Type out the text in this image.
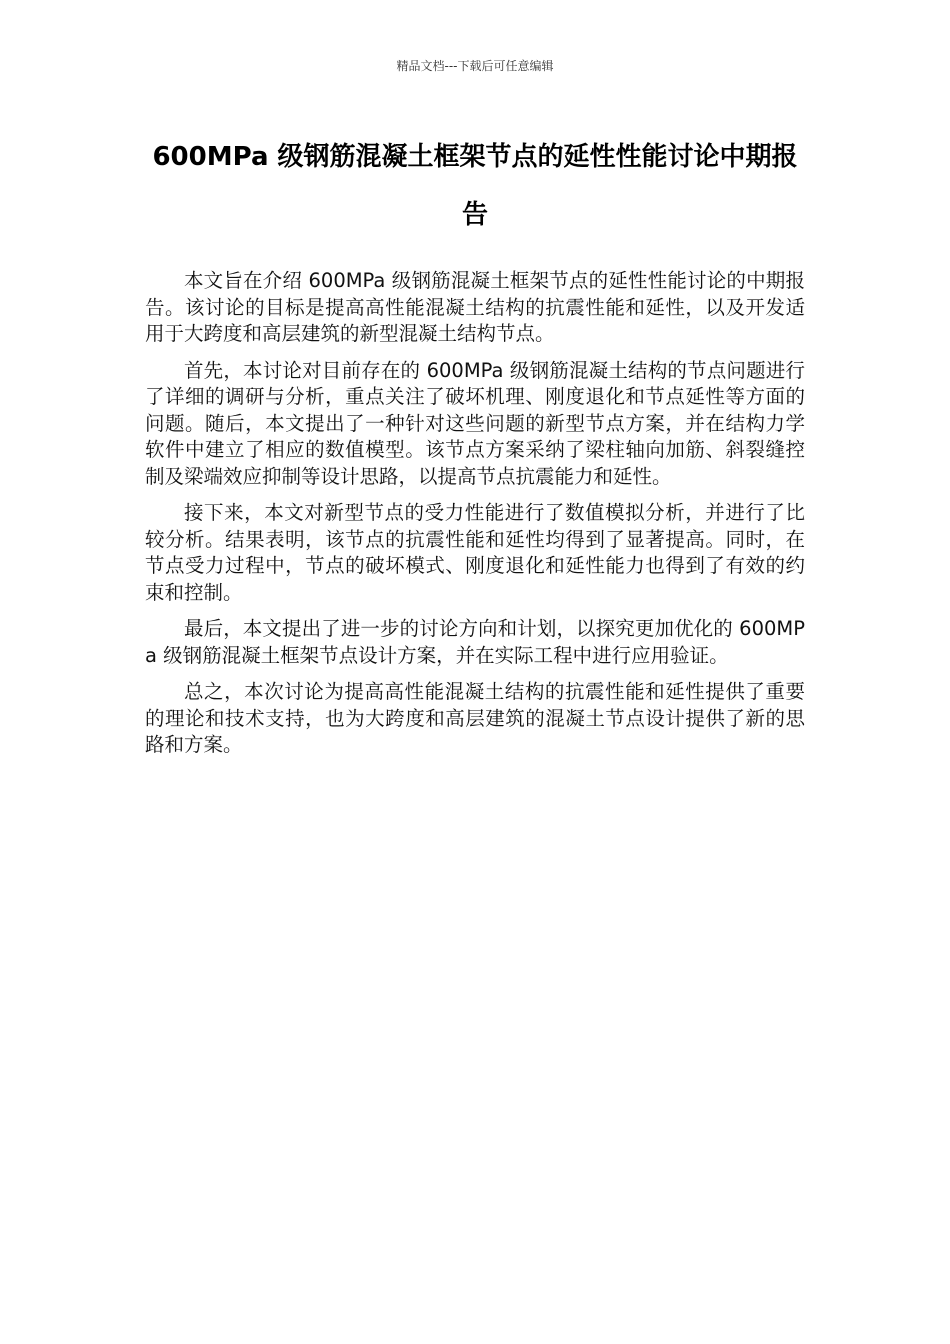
精品文档---下载后可任意编辑
600MPa 级钢筋混凝土框架节点的延性性能讨论中期报告

本文旨在介绍 600MPa 级钢筋混凝土框架节点的延性性能讨论的中期报告。该讨论的目标是提高高性能混凝土结构的抗震性能和延性，以及开发适用于大跨度和高层建筑的新型混凝土结构节点。

首先，本讨论对目前存在的 600MPa 级钢筋混凝土结构的节点问题进行了详细的调研与分析，重点关注了破坏机理、刚度退化和节点延性等方面的问题。随后，本文提出了一种针对这些问题的新型节点方案，并在结构力学软件中建立了相应的数值模型。该节点方案采纳了梁柱轴向加筋、斜裂缝控制及梁端效应抑制等设计思路，以提高节点抗震能力和延性。

接下来，本文对新型节点的受力性能进行了数值模拟分析，并进行了比较分析。结果表明，该节点的抗震性能和延性均得到了显著提高。同时，在节点受力过程中，节点的破坏模式、刚度退化和延性能力也得到了有效的约束和控制。

最后，本文提出了进一步的讨论方向和计划，以探究更加优化的 600MPa 级钢筋混凝土框架节点设计方案，并在实际工程中进行应用验证。

总之，本次讨论为提高高性能混凝土结构的抗震性能和延性提供了重要的理论和技术支持，也为大跨度和高层建筑的混凝土节点设计提供了新的思路和方案。
